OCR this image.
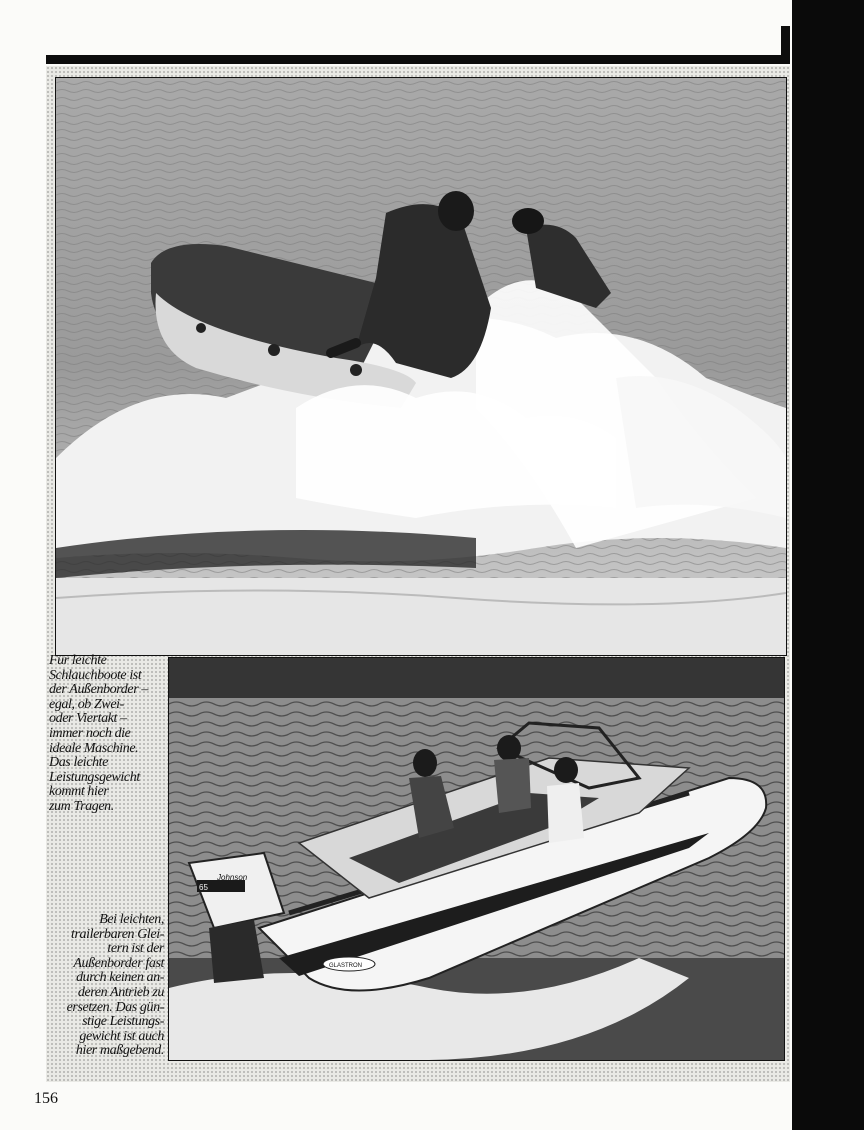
65
Johnson
GLASTRON
Für leichte
Schlauchboote ist
der Außenborder –
egal, ob Zwei-
oder Viertakt –
immer noch die
ideale Maschine.
Das leichte
Leistungsgewicht
kommt hier
zum Tragen.
Bei leichten,
trailerbaren Glei-
tern ist der
Außenborder fast
durch keinen an-
deren Antrieb zu
ersetzen. Das gün-
stige Leistungs-
gewicht ist auch
hier maßgebend.
156
